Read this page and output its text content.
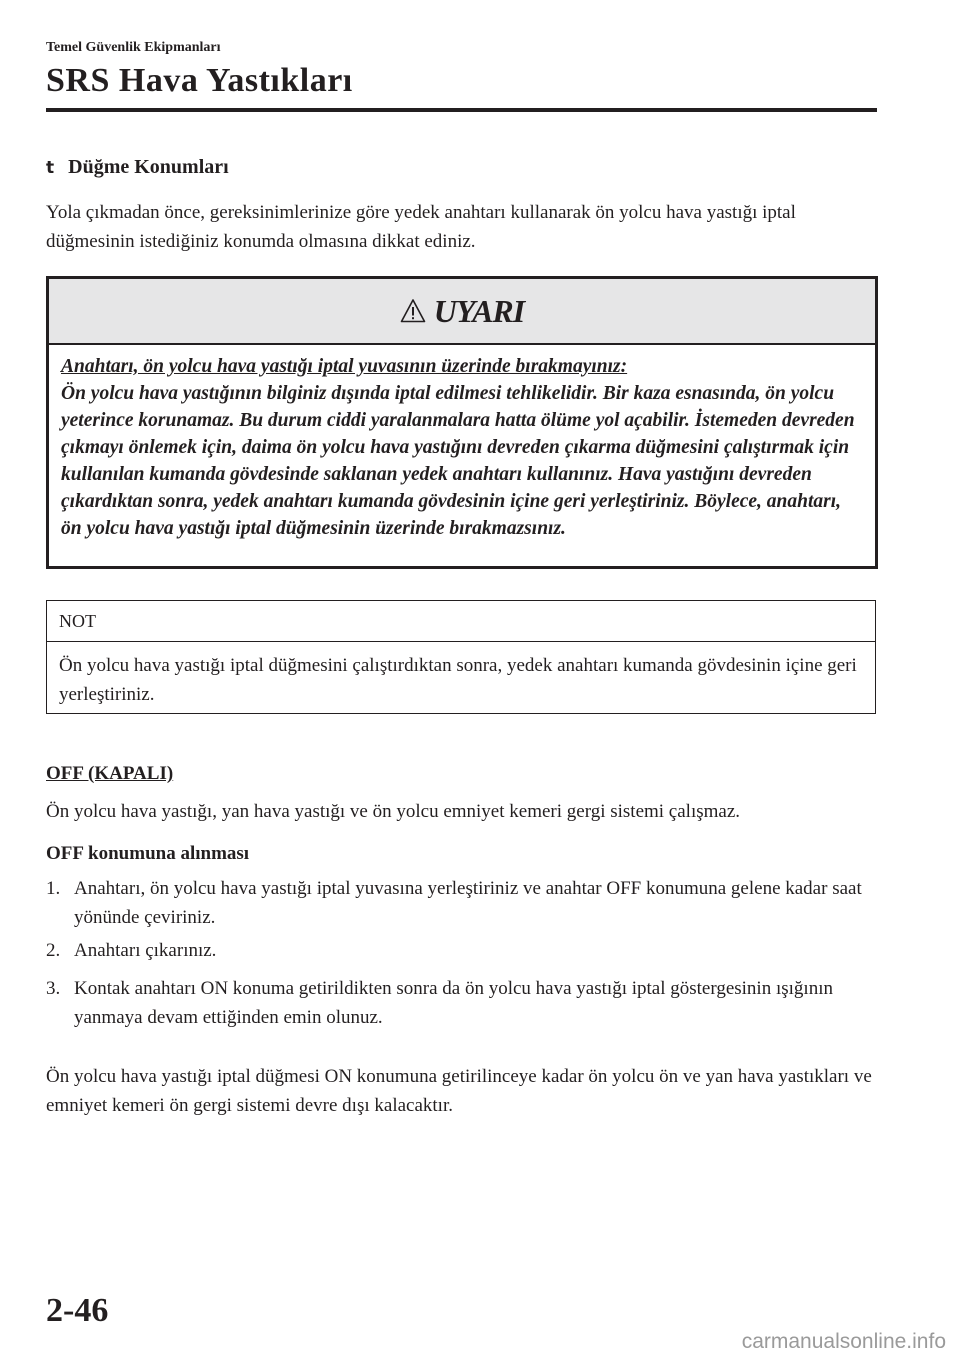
Temel Güvenlik Ekipmanları
SRS Hava Yastıkları
t Düğme Konumları

Yola çıkmadan önce, gereksinimlerinize göre yedek anahtarı kullanarak ön yolcu hava yastığı iptal düğmesinin istediğiniz konumda olmasına dikkat ediniz.

UYARI
Anahtarı, ön yolcu hava yastığı iptal yuvasının üzerinde bırakmayınız:
Ön yolcu hava yastığının bilginiz dışında iptal edilmesi tehlikelidir. Bir kaza esnasında, ön yolcu yeterince korunamaz. Bu durum ciddi yaralanmalara hatta ölüme yol açabilir. İstemeden devreden çıkmayı önlemek için, daima ön yolcu hava yastığını devreden çıkarma düğmesini çalıştırmak için kullanılan kumanda gövdesinde saklanan yedek anahtarı kullanınız. Hava yastığını devreden çıkardıktan sonra, yedek anahtarı kumanda gövdesinin içine geri yerleştiriniz. Böylece, anahtarı, ön yolcu hava yastığı iptal düğmesinin üzerinde bırakmazsınız.
NOT
Ön yolcu hava yastığı iptal düğmesini çalıştırdıktan sonra, yedek anahtarı kumanda gövdesinin içine geri yerleştiriniz.
OFF (KAPALI)

Ön yolcu hava yastığı, yan hava yastığı ve ön yolcu emniyet kemeri gergi sistemi çalışmaz.

OFF konumuna alınması
1. Anahtarı, ön yolcu hava yastığı iptal yuvasına yerleştiriniz ve anahtar OFF konumuna gelene kadar saat yönünde çeviriniz.
2. Anahtarı çıkarınız.
3. Kontak anahtarı ON konuma getirildikten sonra da ön yolcu hava yastığı iptal göstergesinin ışığının yanmaya devam ettiğinden emin olunuz.

Ön yolcu hava yastığı iptal düğmesi ON konumuna getirilinceye kadar ön yolcu ön ve yan hava yastıkları ve emniyet kemeri ön gergi sistemi devre dışı kalacaktır.

2-46
carmanualsonline.info
